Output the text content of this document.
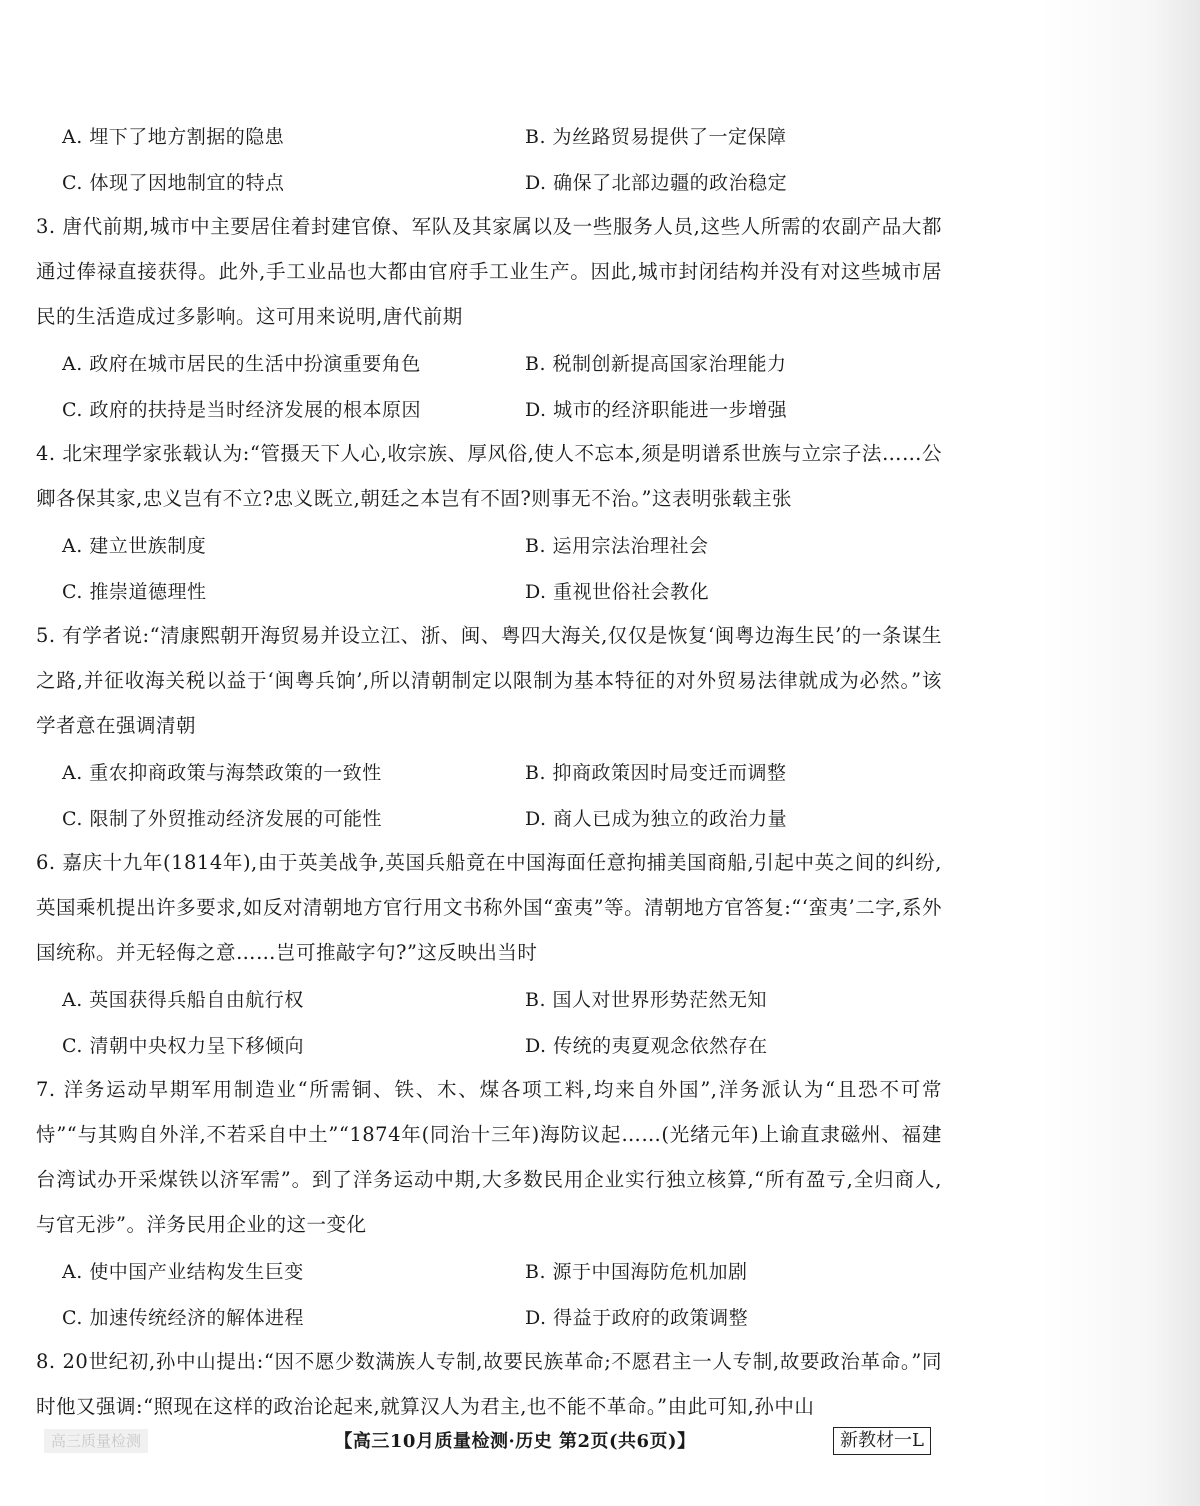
A. 埋下了地方割据的隐患	B. 为丝路贸易提供了一定保障
C. 体现了因地制宜的特点	D. 确保了北部边疆的政治稳定
3. 唐代前期,城市中主要居住着封建官僚、军队及其家属以及一些服务人员,这些人所需的农副产品大都通过俸禄直接获得。此外,手工业品也大都由官府手工业生产。因此,城市封闭结构并没有对这些城市居民的生活造成过多影响。这可用来说明,唐代前期
A. 政府在城市居民的生活中扮演重要角色	B. 税制创新提高国家治理能力
C. 政府的扶持是当时经济发展的根本原因	D. 城市的经济职能进一步增强
4. 北宋理学家张载认为:“管摄天下人心,收宗族、厚风俗,使人不忘本,须是明谱系世族与立宗子法……公卿各保其家,忠义岂有不立?忠义既立,朝廷之本岂有不固?则事无不治。”这表明张载主张
A. 建立世族制度	B. 运用宗法治理社会
C. 推崇道德理性	D. 重视世俗社会教化
5. 有学者说:“清康熙朝开海贸易并设立江、浙、闽、粤四大海关,仅仅是恢复‘闽粤边海生民’的一条谋生之路,并征收海关税以益于‘闽粤兵饷’,所以清朝制定以限制为基本特征的对外贸易法律就成为必然。”该学者意在强调清朝
A. 重农抑商政策与海禁政策的一致性	B. 抑商政策因时局变迁而调整
C. 限制了外贸推动经济发展的可能性	D. 商人已成为独立的政治力量
6. 嘉庆十九年(1814年),由于英美战争,英国兵船竟在中国海面任意拘捕美国商船,引起中英之间的纠纷,英国乘机提出许多要求,如反对清朝地方官行用文书称外国“蛮夷”等。清朝地方官答复:“‘蛮夷’二字,系外国统称。并无轻侮之意……岂可推敲字句?”这反映出当时
A. 英国获得兵船自由航行权	B. 国人对世界形势茫然无知
C. 清朝中央权力呈下移倾向	D. 传统的夷夏观念依然存在
7. 洋务运动早期军用制造业“所需铜、铁、木、煤各项工料,均来自外国”,洋务派认为“且恐不可常恃”“与其购自外洋,不若采自中土”“1874年(同治十三年)海防议起……(光绪元年)上谕直隶磁州、福建台湾试办开采煤铁以济军需”。到了洋务运动中期,大多数民用企业实行独立核算,“所有盈亏,全归商人,与官无涉”。洋务民用企业的这一变化
A. 使中国产业结构发生巨变	B. 源于中国海防危机加剧
C. 加速传统经济的解体进程	D. 得益于政府的政策调整
8. 20世纪初,孙中山提出:“因不愿少数满族人专制,故要民族革命;不愿君主一人专制,故要政治革命。”同时他又强调:“照现在这样的政治论起来,就算汉人为君主,也不能不革命。”由此可知,孙中山
高三质量检测	【高三10月质量检测·历史 第2页(共6页)】	新教材一L
